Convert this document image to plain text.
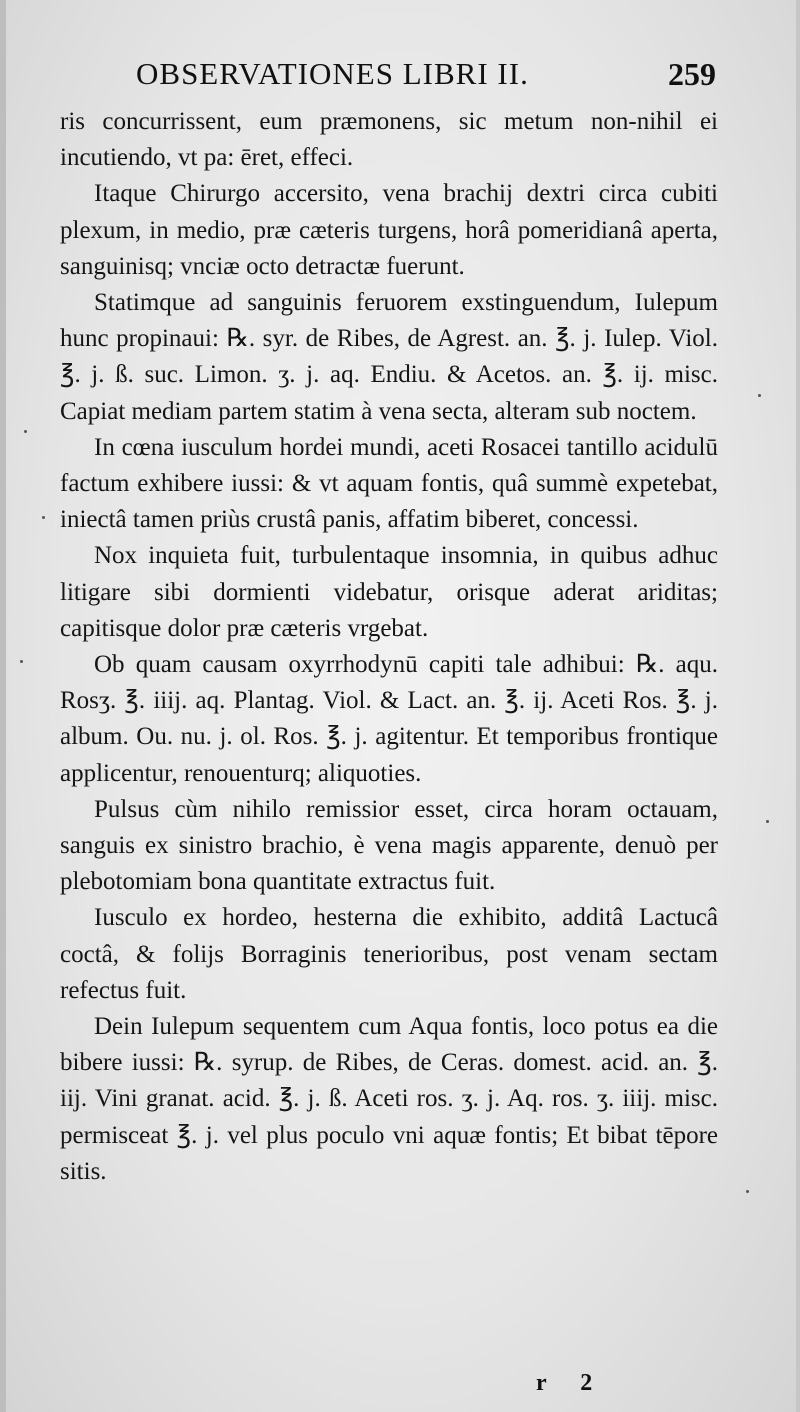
OBSERVATIONES LIBRI II.	259

ris concurrissent, eum præmonens, sic metum non-nihil ei incutiendo, vt pa: ēret, effeci.

Itaque Chirurgo accersito, vena brachij dextri circa cubiti plexum, in medio, præ cæteris turgens, horâ pomeridianâ aperta, sanguinisq; vnciæ octo detractæ fuerunt.

Statimque ad sanguinis feruorem exstinguendum, Iulepum hunc propinaui: ℞. syr. de Ribes, de Agrest. an. ℥. j. Iulep. Viol. ℥. j. ß. suc. Limon. ʒ. j. aq. Endiu. & Acetos. an. ℥. ij. misc. Capiat mediam partem statim à vena secta, alteram sub noctem.

In cœna iusculum hordei mundi, aceti Rosacei tantillo acidulū factum exhibere iussi: & vt aquam fontis, quâ summè expetebat, iniectâ tamen priùs crustâ panis, affatim biberet, concessi.

Nox inquieta fuit, turbulentaque insomnia, in quibus adhuc litigare sibi dormienti videbatur, orisque aderat ariditas; capitisque dolor præ cæteris vrgebat.

Ob quam causam oxyrrhodynū capiti tale adhibui: ℞. aqu. Rosʒ. ℥. iiij. aq. Plantag. Viol. & Lact. an. ℥. ij. Aceti Ros. ℥. j. album. Ou. nu. j. ol. Ros. ℥. j. agitentur. Et temporibus frontique applicentur, renouenturq; aliquoties.

Pulsus cùm nihilo remissior esset, circa horam octauam, sanguis ex sinistro brachio, è vena magis apparente, denuò per plebotomiam bona quantitate extractus fuit.

Iusculo ex hordeo, hesterna die exhibito, additâ Lactucâ coctâ, & folijs Borraginis tenerioribus, post venam sectam refectus fuit.

Dein Iulepum sequentem cum Aqua fontis, loco potus ea die bibere iussi: ℞. syrup. de Ribes, de Ceras. domest. acid. an. ℥. iij. Vini granat. acid. ℥. j. ß. Aceti ros. ʒ. j. Aq. ros. ʒ. iiij. misc. permisceat ℥. j. vel plus poculo vni aquæ fontis; Et bibat tēpore sitis.

r 2
